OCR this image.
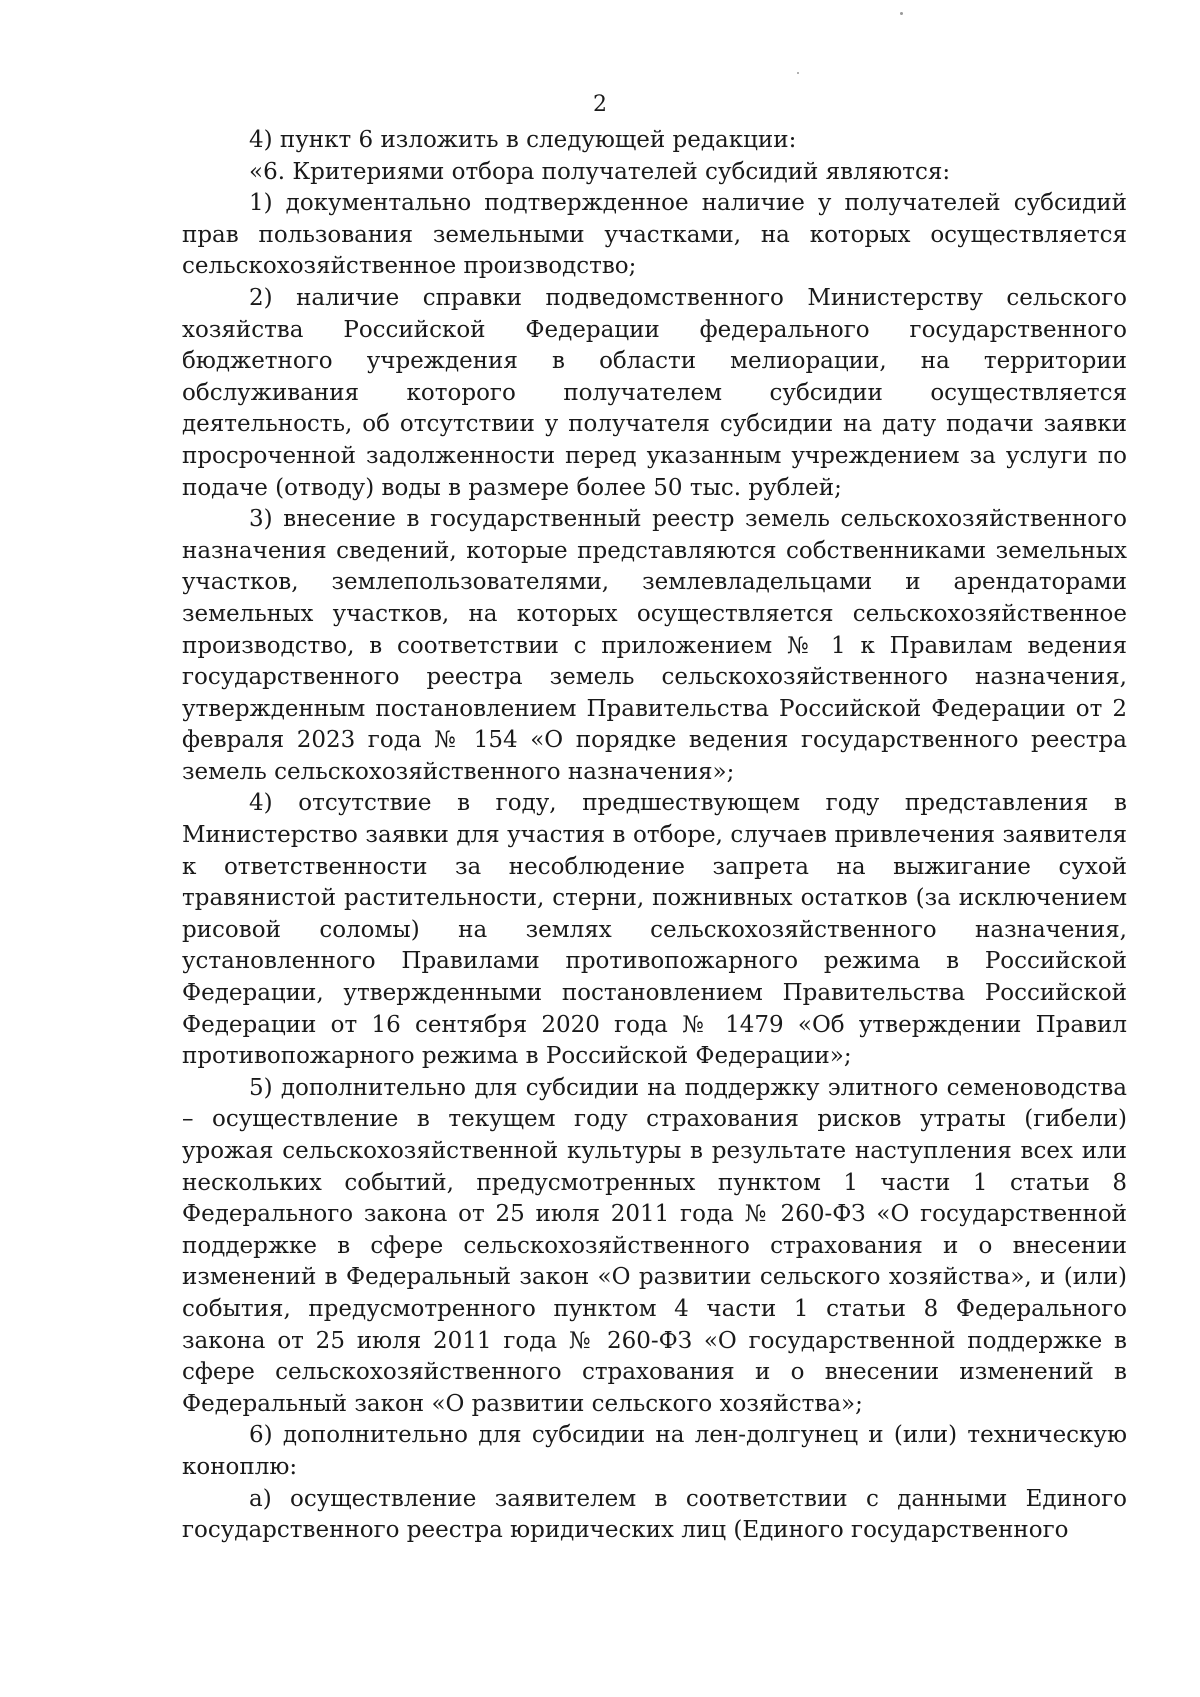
2

4) пункт 6 изложить в следующей редакции:

«6. Критериями отбора получателей субсидий являются:

1) документально подтвержденное наличие у получателей субсидий прав пользования земельными участками, на которых осуществляется сельскохозяйственное производство;

2) наличие справки подведомственного Министерству сельского хозяйства Российской Федерации федерального государственного бюджетного учреждения в области мелиорации, на территории обслуживания которого получателем субсидии осуществляется деятельность, об отсутствии у получателя субсидии на дату подачи заявки просроченной задолженности перед указанным учреждением за услуги по подаче (отводу) воды в размере более 50 тыс. рублей;

3) внесение в государственный реестр земель сельскохозяйственного назначения сведений, которые представляются собственниками земельных участков, землепользователями, землевладельцами и арендаторами земельных участков, на которых осуществляется сельскохозяйственное производство, в соответствии с приложением № 1 к Правилам ведения государственного реестра земель сельскохозяйственного назначения, утвержденным постановлением Правительства Российской Федерации от 2 февраля 2023 года № 154 «О порядке ведения государственного реестра земель сельскохозяйственного назначения»;

4) отсутствие в году, предшествующем году представления в Министерство заявки для участия в отборе, случаев привлечения заявителя к ответственности за несоблюдение запрета на выжигание сухой травянистой растительности, стерни, пожнивных остатков (за исключением рисовой соломы) на землях сельскохозяйственного назначения, установленного Правилами противопожарного режима в Российской Федерации, утвержденными постановлением Правительства Российской Федерации от 16 сентября 2020 года № 1479 «Об утверждении Правил противопожарного режима в Российской Федерации»;

5) дополнительно для субсидии на поддержку элитного семеноводства – осуществление в текущем году страхования рисков утраты (гибели) урожая сельскохозяйственной культуры в результате наступления всех или нескольких событий, предусмотренных пунктом 1 части 1 статьи 8 Федерального закона от 25 июля 2011 года № 260-ФЗ «О государственной поддержке в сфере сельскохозяйственного страхования и о внесении изменений в Федеральный закон «О развитии сельского хозяйства», и (или) события, предусмотренного пунктом 4 части 1 статьи 8 Федерального закона от 25 июля 2011 года № 260-ФЗ «О государственной поддержке в сфере сельскохозяйственного страхования и о внесении изменений в Федеральный закон «О развитии сельского хозяйства»;

6) дополнительно для субсидии на лен-долгунец и (или) техническую коноплю:

а) осуществление заявителем в соответствии с данными Единого государственного реестра юридических лиц (Единого государственного
